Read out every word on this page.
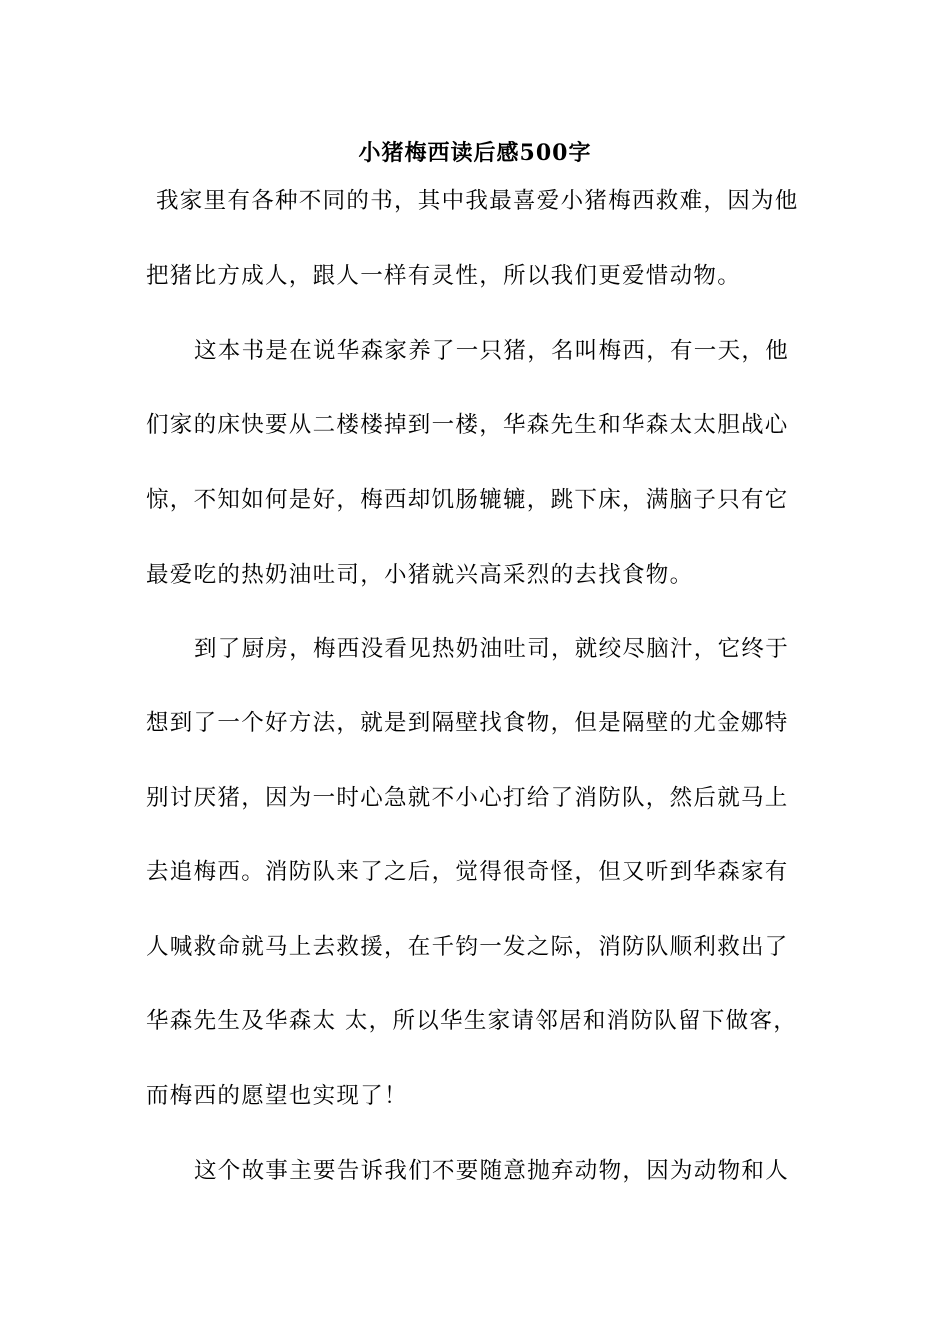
小猪梅西读后感500字
我家里有各种不同的书，其中我最喜爱小猪梅西救难，因为他
把猪比方成人，跟人一样有灵性，所以我们更爱惜动物。
这本书是在说华森家养了一只猪，名叫梅西，有一天，他
们家的床快要从二楼楼掉到一楼，华森先生和华森太太胆战心
惊，不知如何是好，梅西却饥肠辘辘，跳下床，满脑子只有它
最爱吃的热奶油吐司，小猪就兴高采烈的去找食物。
到了厨房，梅西没看见热奶油吐司，就绞尽脑汁，它终于
想到了一个好方法，就是到隔壁找食物，但是隔壁的尤金娜特
别讨厌猪，因为一时心急就不小心打给了消防队，然后就马上
去追梅西。消防队来了之后，觉得很奇怪，但又听到华森家有
人喊救命就马上去救援，在千钧一发之际，消防队顺利救出了
华森先生及华森太 太，所以华生家请邻居和消防队留下做客，
而梅西的愿望也实现了！
这个故事主要告诉我们不要随意抛弃动物，因为动物和人
